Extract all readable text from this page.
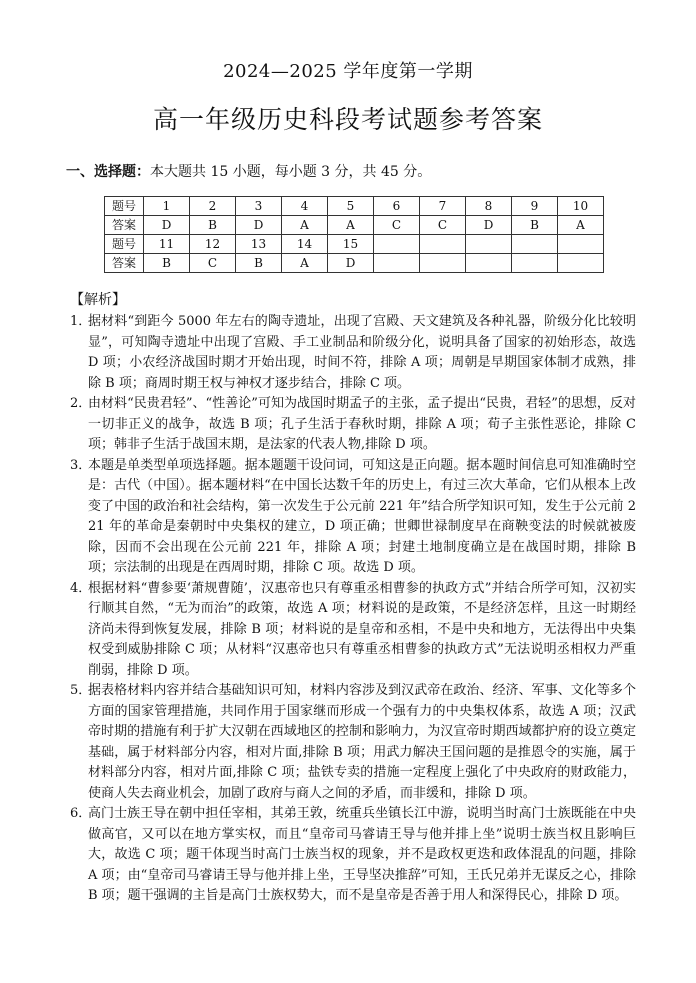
2024—2025 学年度第一学期
高一年级历史科段考试题参考答案
一、选择题：本大题共 15 小题，每小题 3 分，共 45 分。
题号	1	2	3	4	5	6	7	8	9	10
答案	D	B	D	A	A	C	C	D	B	A
题号	11	12	13	14	15					
答案	B	C	B	A	D					
【解析】
1．
据材料“到距今 5000 年左右的陶寺遗址，出现了宫殿、天文建筑及各种礼器，阶级分化比较明显”，可知陶寺遗址中出现了宫殿、手工业制品和阶级分化，说明具备了国家的初始形态，故选 D 项；小农经济战国时期才开始出现，时间不符，排除 A 项；周朝是早期国家体制才成熟，排除 B 项；商周时期王权与神权才逐步结合，排除 C 项。
2．
由材料“民贵君轻”、“性善论”可知为战国时期孟子的主张，孟子提出“民贵，君轻”的思想，反对一切非正义的战争，故选 B 项；孔子生活于春秋时期，排除 A 项；荀子主张性恶论，排除 C 项；韩非子生活于战国末期，是法家的代表人物,排除 D 项。
3．
本题是单类型单项选择题。据本题题干设问词，可知这是正向题。据本题时间信息可知准确时空是：古代（中国）。据本题材料“在中国长达数千年的历史上，有过三次大革命，它们从根本上改变了中国的政治和社会结构，第一次发生于公元前 221 年”结合所学知识可知，发生于公元前 221 年的革命是秦朝时中央集权的建立，D 项正确；世卿世禄制度早在商鞅变法的时候就被废除，因而不会出现在公元前 221 年，排除 A 项；封建土地制度确立是在战国时期，排除 B 项；宗法制的出现是在西周时期，排除 C 项。故选 D 项。
4．
根据材料“曹参要‘萧规曹随’，汉惠帝也只有尊重丞相曹参的执政方式”并结合所学可知，汉初实行顺其自然，“无为而治”的政策，故选 A 项；材料说的是政策，不是经济怎样，且这一时期经济尚未得到恢复发展，排除 B 项；材料说的是皇帝和丞相，不是中央和地方，无法得出中央集权受到威胁排除 C 项；从材料“汉惠帝也只有尊重丞相曹参的执政方式”无法说明丞相权力严重削弱，排除 D 项。
5．
据表格材料内容并结合基础知识可知，材料内容涉及到汉武帝在政治、经济、军事、文化等多个方面的国家管理措施，共同作用于国家继而形成一个强有力的中央集权体系，故选 A 项；汉武帝时期的措施有利于扩大汉朝在西域地区的控制和影响力，为汉宣帝时期西域都护府的设立奠定基础，属于材料部分内容，相对片面,排除 B 项；用武力解决王国问题的是推恩令的实施，属于材料部分内容，相对片面,排除 C 项；盐铁专卖的措施一定程度上强化了中央政府的财政能力，使商人失去商业机会，加剧了政府与商人之间的矛盾，而非缓和，排除 D 项。
6．
高门士族王导在朝中担任宰相，其弟王敦，统重兵坐镇长江中游，说明当时高门士族既能在中央做高官，又可以在地方掌实权，而且“皇帝司马睿请王导与他并排上坐”说明士族当权且影响巨大，故选 C 项；题干体现当时高门士族当权的现象，并不是政权更迭和政体混乱的问题，排除 A 项；由“皇帝司马睿请王导与他并排上坐，王导坚决推辞”可知，王氏兄弟并无谋反之心，排除 B 项；题干强调的主旨是高门士族权势大，而不是皇帝是否善于用人和深得民心，排除 D 项。
